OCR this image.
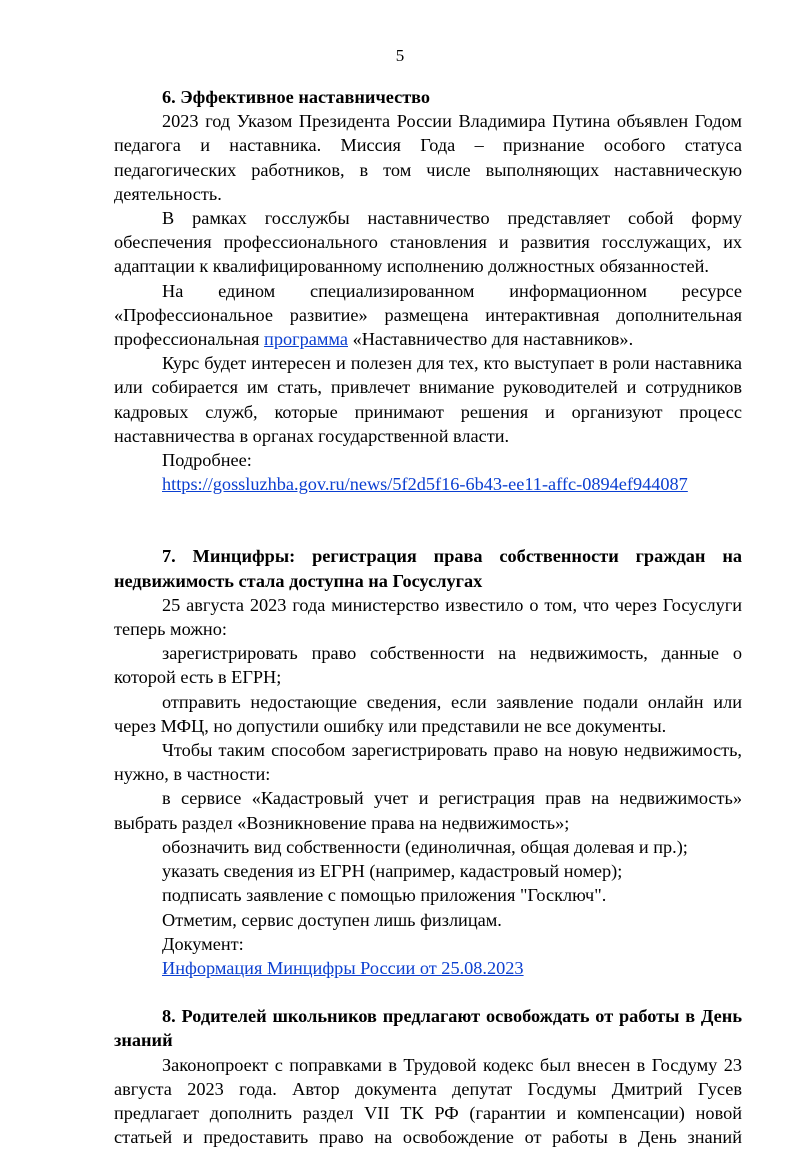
5

6. Эффективное наставничество

2023 год Указом Президента России Владимира Путина объявлен Годом педагога и наставника. Миссия Года – признание особого статуса педагогических работников, в том числе выполняющих наставническую деятельность.

В рамках госслужбы наставничество представляет собой форму обеспечения профессионального становления и развития госслужащих, их адаптации к квалифицированному исполнению должностных обязанностей.

На едином специализированном информационном ресурсе «Профессиональное развитие» размещена интерактивная дополнительная профессиональная программа «Наставничество для наставников».

Курс будет интересен и полезен для тех, кто выступает в роли наставника или собирается им стать, привлечет внимание руководителей и сотрудников кадровых служб, которые принимают решения и организуют процесс наставничества в органах государственной власти.

Подробнее:

https://gossluzhba.gov.ru/news/5f2d5f16-6b43-ee11-affc-0894ef944087

7. Минцифры: регистрация права собственности граждан на недвижимость стала доступна на Госуслугах

25 августа 2023 года министерство известило о том, что через Госуслуги теперь можно:

зарегистрировать право собственности на недвижимость, данные о которой есть в ЕГРН;

отправить недостающие сведения, если заявление подали онлайн или через МФЦ, но допустили ошибку или представили не все документы.

Чтобы таким способом зарегистрировать право на новую недвижимость, нужно, в частности:

в сервисе «Кадастровый учет и регистрация прав на недвижимость» выбрать раздел «Возникновение права на недвижимость»;

обозначить вид собственности (единоличная, общая долевая и пр.);

указать сведения из ЕГРН (например, кадастровый номер);

подписать заявление с помощью приложения "Госключ".

Отметим, сервис доступен лишь физлицам.

Документ:

Информация Минцифры России от 25.08.2023

8. Родителей школьников предлагают освобождать от работы в День знаний

Законопроект с поправками в Трудовой кодекс был внесен в Госдуму 23 августа 2023 года. Автор документа депутат Госдумы Дмитрий Гусев предлагает дополнить раздел VII ТК РФ (гарантии и компенсации) новой статьей и предоставить право на освобождение от работы в День знаний
